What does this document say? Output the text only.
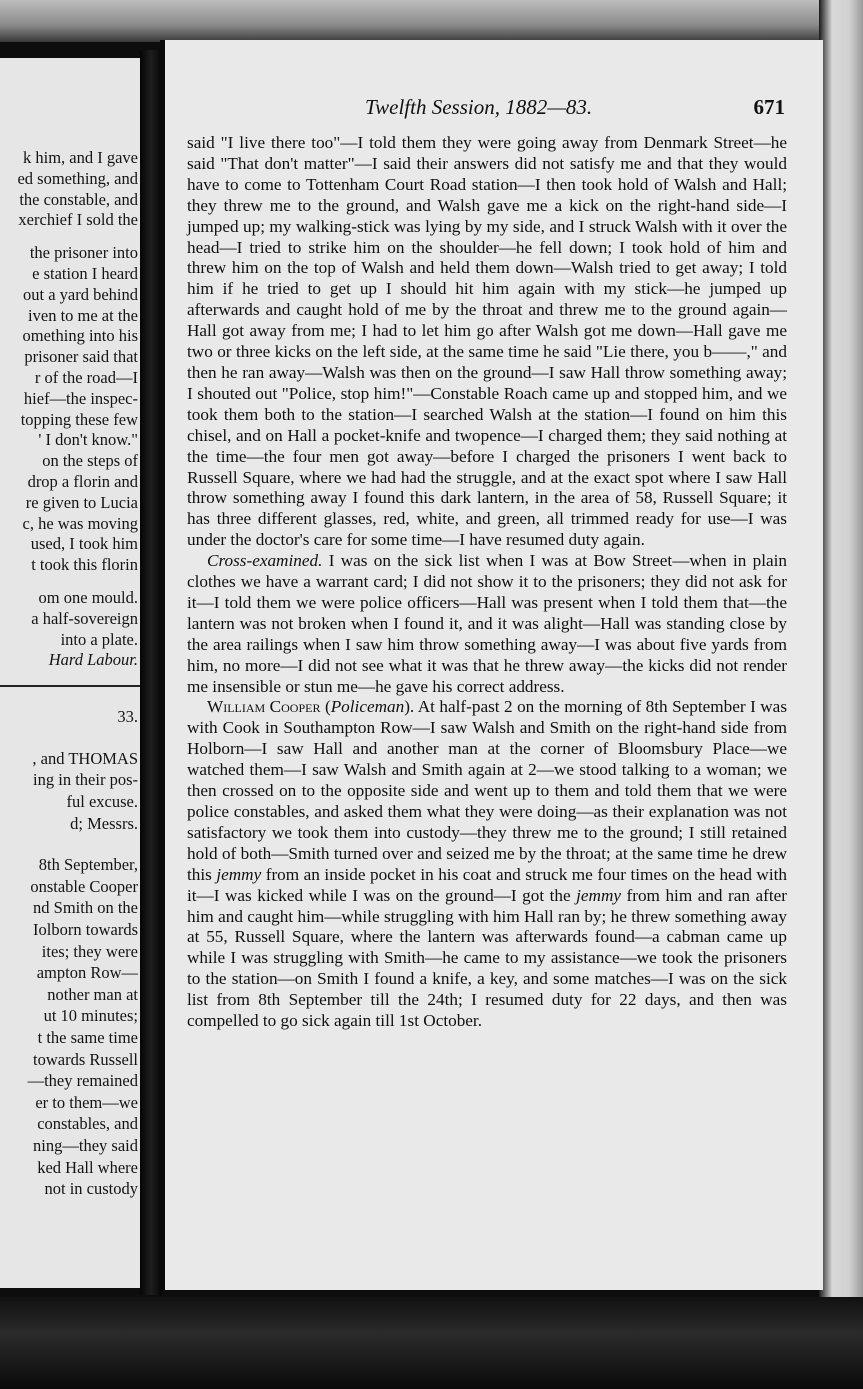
k him, and I gave
ed something, and
the constable, and
xerchief I sold the
the prisoner into
e station I heard
out a yard behind
iven to me at the
omething into his
prisoner said that
r of the road—I
hief—the inspec-
topping these few
' I don't know."
on the steps of
drop a florin and
re given to Lucia
c, he was moving
used, I took him
t took this florin
om one mould.
a half-sovereign
into a plate.
Hard Labour.
33.
, and THOMAS
ing in their pos-
ful excuse.
d; Messrs.
8th September,
onstable Cooper
nd Smith on the
Iolborn towards
ites; they were
ampton Row—
nother man at
ut 10 minutes;
t the same time
towards Russell
—they remained
er to them—we
constables, and
ning—they said
ked Hall where
not in custody
Twelfth Session, 1882—83.	671

said "I live there too"—I told them they were going away from Denmark Street—he said "That don't matter"—I said their answers did not satisfy me and that they would have to come to Tottenham Court Road station—I then took hold of Walsh and Hall; they threw me to the ground, and Walsh gave me a kick on the right-hand side—I jumped up; my walking-stick was lying by my side, and I struck Walsh with it over the head—I tried to strike him on the shoulder—he fell down; I took hold of him and threw him on the top of Walsh and held them down—Walsh tried to get away; I told him if he tried to get up I should hit him again with my stick—he jumped up afterwards and caught hold of me by the throat and threw me to the ground again—Hall got away from me; I had to let him go after Walsh got me down—Hall gave me two or three kicks on the left side, at the same time he said "Lie there, you b——," and then he ran away—Walsh was then on the ground—I saw Hall throw something away; I shouted out "Police, stop him!"—Constable Roach came up and stopped him, and we took them both to the station—I searched Walsh at the station—I found on him this chisel, and on Hall a pocket-knife and twopence—I charged them; they said nothing at the time—the four men got away—before I charged the prisoners I went back to Russell Square, where we had had the struggle, and at the exact spot where I saw Hall throw something away I found this dark lantern, in the area of 58, Russell Square; it has three different glasses, red, white, and green, all trimmed ready for use—I was under the doctor's care for some time—I have resumed duty again.

Cross-examined. I was on the sick list when I was at Bow Street—when in plain clothes we have a warrant card; I did not show it to the prisoners; they did not ask for it—I told them we were police officers—Hall was present when I told them that—the lantern was not broken when I found it, and it was alight—Hall was standing close by the area railings when I saw him throw something away—I was about five yards from him, no more—I did not see what it was that he threw away—the kicks did not render me insensible or stun me—he gave his correct address.

William Cooper (Policeman). At half-past 2 on the morning of 8th September I was with Cook in Southampton Row—I saw Walsh and Smith on the right-hand side from Holborn—I saw Hall and another man at the corner of Bloomsbury Place—we watched them—I saw Walsh and Smith again at 2—we stood talking to a woman; we then crossed on to the opposite side and went up to them and told them that we were police constables, and asked them what they were doing—as their explanation was not satisfactory we took them into custody—they threw me to the ground; I still retained hold of both—Smith turned over and seized me by the throat; at the same time he drew this jemmy from an inside pocket in his coat and struck me four times on the head with it—I was kicked while I was on the ground—I got the jemmy from him and ran after him and caught him—while struggling with him Hall ran by; he threw something away at 55, Russell Square, where the lantern was afterwards found—a cabman came up while I was struggling with Smith—he came to my assistance—we took the prisoners to the station—on Smith I found a knife, a key, and some matches—I was on the sick list from 8th September till the 24th; I resumed duty for 22 days, and then was compelled to go sick again till 1st October.
